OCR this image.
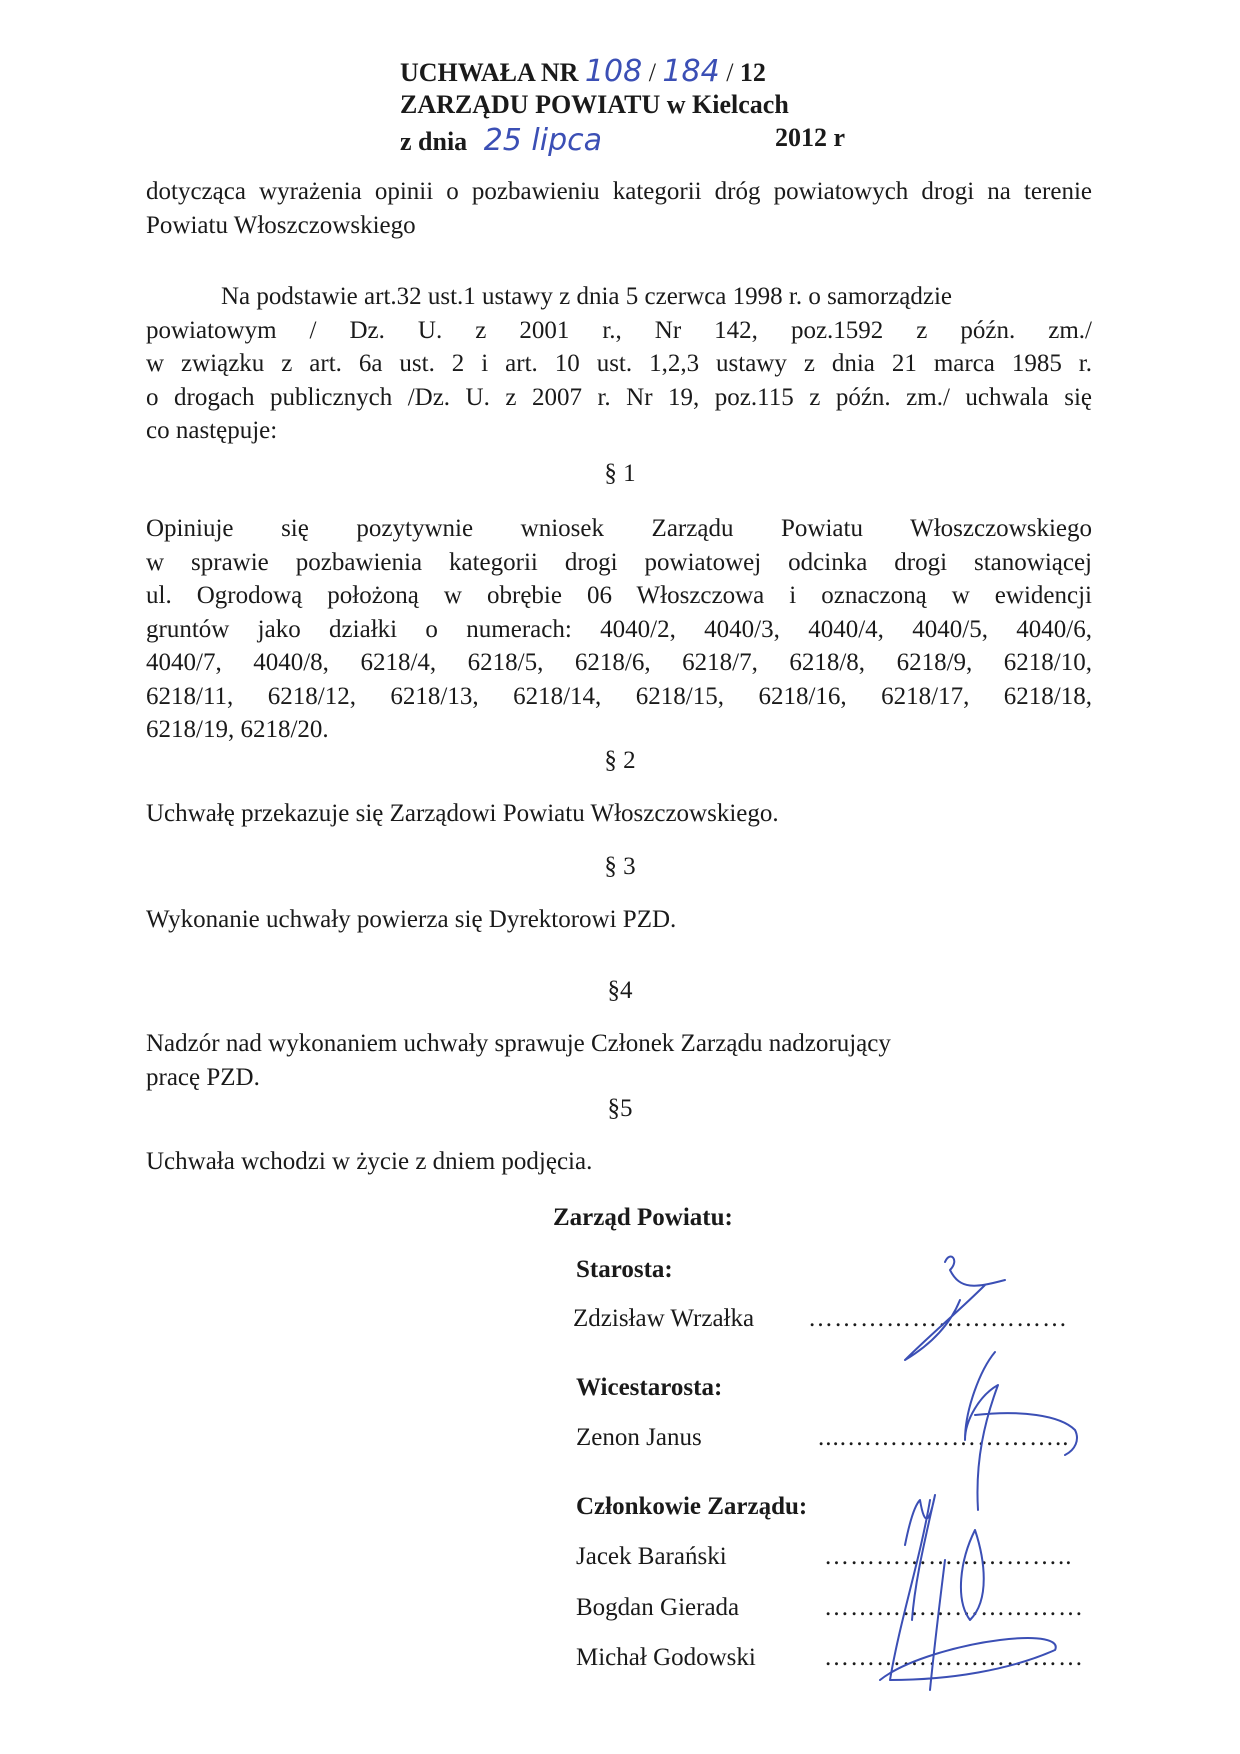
UCHWAŁA NR 108 / 184 / 12
ZARZĄDU POWIATU w Kielcach
z dnia 25 lipca	2012 r
dotycząca wyrażenia opinii o pozbawieniu kategorii dróg powiatowych drogi na terenie Powiatu Włoszczowskiego
Na podstawie art.32 ust.1 ustawy z dnia 5 czerwca 1998 r. o samorządzie
powiatowym / Dz. U. z 2001 r., Nr 142, poz.1592 z późn. zm./
w związku z art. 6a ust. 2 i art. 10 ust. 1,2,3 ustawy z dnia 21 marca 1985 r.
o drogach publicznych /Dz. U. z 2007 r. Nr 19, poz.115 z późn. zm./ uchwala się
co następuje:
§ 1
Opiniuje się pozytywnie wniosek Zarządu Powiatu Włoszczowskiego
w sprawie pozbawienia kategorii drogi powiatowej odcinka drogi stanowiącej
ul. Ogrodową położoną w obrębie 06 Włoszczowa i oznaczoną w ewidencji
gruntów jako działki o numerach: 4040/2, 4040/3, 4040/4, 4040/5, 4040/6,
4040/7, 4040/8, 6218/4, 6218/5, 6218/6, 6218/7, 6218/8, 6218/9, 6218/10,
6218/11, 6218/12, 6218/13, 6218/14, 6218/15, 6218/16, 6218/17, 6218/18,
6218/19, 6218/20.
§ 2
Uchwałę przekazuje się Zarządowi Powiatu Włoszczowskiego.
§ 3
Wykonanie uchwały powierza się Dyrektorowi PZD.
§4
Nadzór nad wykonaniem uchwały sprawuje Członek Zarządu nadzorujący
pracę PZD.
§5
Uchwała wchodzi w życie z dniem podjęcia.
Zarząd Powiatu:
Starosta:
Zdzisław Wrzałka …………………………
Wicestarosta:
Zenon Janus	....……………………..
Członkowie Zarządu:
Jacek Barański	………………………..
Bogdan Gierada	…………………………
Michał Godowski	…………………………
